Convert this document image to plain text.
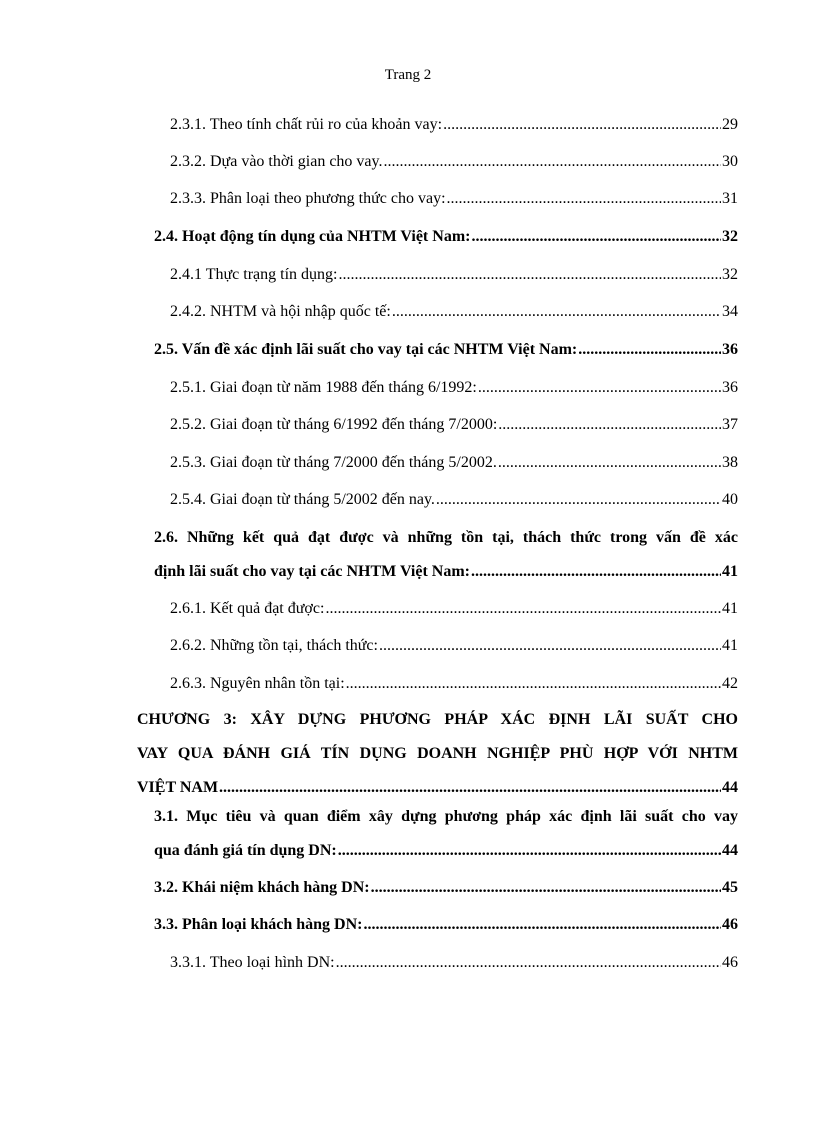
Trang 2
2.3.1. Theo tính chất rủi ro của khoản vay: .....	29
2.3.2. Dựa vào thời gian cho vay. .....	30
2.3.3. Phân loại theo phương thức cho vay: .....	31
2.4. Hoạt động tín dụng của NHTM Việt Nam: .....	32
2.4.1 Thực trạng tín dụng: .....	32
2.4.2. NHTM và hội nhập quốc tế: .....	34
2.5. Vấn đề xác định lãi suất cho vay tại các NHTM Việt Nam: .....	36
2.5.1. Giai đoạn từ năm 1988 đến tháng 6/1992: .....	36
2.5.2. Giai đoạn từ tháng 6/1992 đến tháng 7/2000: .....	37
2.5.3. Giai đoạn từ tháng 7/2000 đến tháng 5/2002. .....	38
2.5.4. Giai đoạn từ tháng 5/2002 đến nay. .....	40
2.6. Những kết quả đạt được và những tồn tại, thách thức trong vấn đề xác
định lãi suất cho vay tại các NHTM Việt Nam: .....	41
2.6.1. Kết quả đạt được: .....	41
2.6.2. Những tồn tại, thách thức: .....	41
2.6.3. Nguyên nhân tồn tại: .....	42
CHƯƠNG 3: XÂY DỰNG PHƯƠNG PHÁP XÁC ĐỊNH LÃI SUẤT CHO
VAY QUA ĐÁNH GIÁ TÍN DỤNG DOANH NGHIỆP PHÙ HỢP VỚI NHTM
VIỆT NAM .....	44
3.1. Mục tiêu và quan điểm xây dựng phương pháp xác định lãi suất cho vay
qua đánh giá tín dụng DN: .....	44
3.2. Khái niệm khách hàng DN: .....	45
3.3. Phân loại khách hàng DN: .....	46
3.3.1. Theo loại hình DN: .....	46
